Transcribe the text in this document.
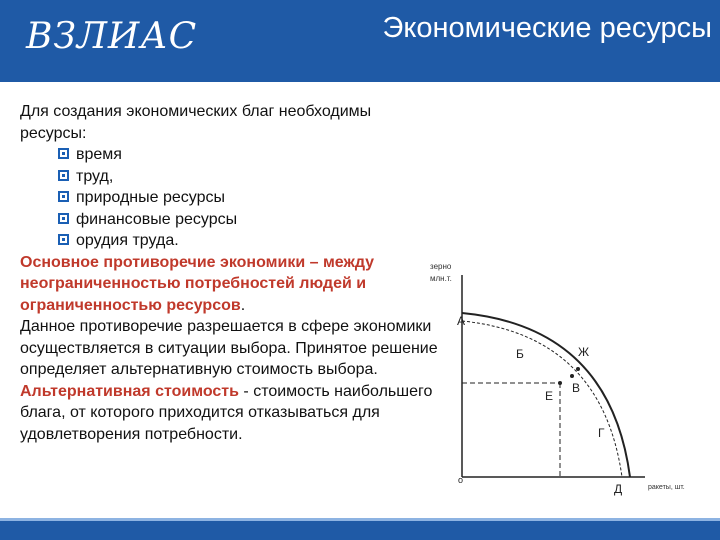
ВЗЛИАС	Экономические ресурсы

Для создания экономических благ необходимы ресурсы:

время
труд,
природные ресурсы
финансовые ресурсы
орудия труда.

Основное противоречие экономики – между неограниченностью потребностей людей и ограниченностью ресурсов.

Данное противоречие разрешается в сфере экономики осуществляется в ситуации выбора. Принятое решение определяет альтернативную стоимость выбора.

Альтернативная стоимость - стоимость наибольшего блага, от которого приходится отказываться для удовлетворения потребности.

зерно
млн.т.
А
Б	Ж
В
Е
Г
Д
о
ракеты, шт.
